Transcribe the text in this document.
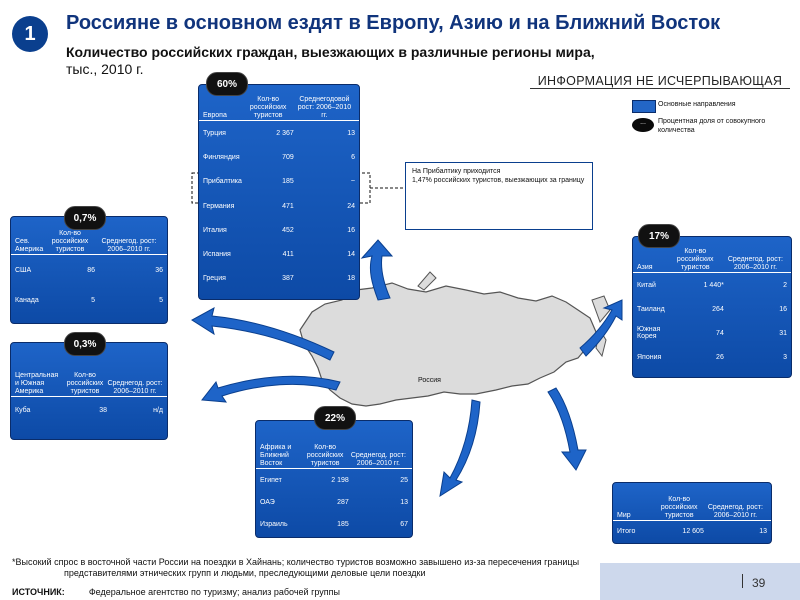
1	Россияне в основном ездят в Европу, Азию и на Ближний Восток
Количество российских граждан, выезжающих в различные регионы мира,
тыс., 2010 г.
ИНФОРМАЦИЯ НЕ ИСЧЕРПЫВАЮЩАЯ
Основные направления
...	Процентная доля от совокупного количества
Россия
На Прибалтику приходится
1,47% российских туристов, выезжающих за границу
Европа
Кол-во российских туристов
Среднегодовой рост: 2006–2010 гг.
Турция	2 367	13
Финляндия	709	6
Прибалтика	185	~
Германия	471	24
Италия	452	16
Испания	411	14
Греция	387	18
60%
Сев. Америка
Кол-во российских туристов
Среднегод. рост: 2006–2010 гг.
США	86	36
Канада	5	5
0,7%
Центральная и Южная Америка
Кол-во российских туристов
Среднегод. рост: 2006–2010 гг.
Куба	38	н/д
0,3%
Азия
Кол-во российских туристов
Среднегод. рост: 2006–2010 гг.
Китай	1 440*	2
Таиланд	264	16
Южная Корея	74	31
Япония	26	3
17%
Африка и Ближний Восток
Кол-во российских туристов
Среднегод. рост: 2006–2010 гг.
Египет	2 198	25
ОАЭ	287	13
Израиль	185	67
22%
Мир
Кол-во российских туристов
Среднегод. рост: 2006–2010 гг.
Итого	12 605	13
*Высокий спрос в восточной части России на поездки в Хайнань; количество туристов возможно завышено из-за пересечения границы
представителями этнических групп и людьми, преследующими деловые цели поездки
ИСТОЧНИК:	Федеральное агентство по туризму; анализ рабочей группы
39
